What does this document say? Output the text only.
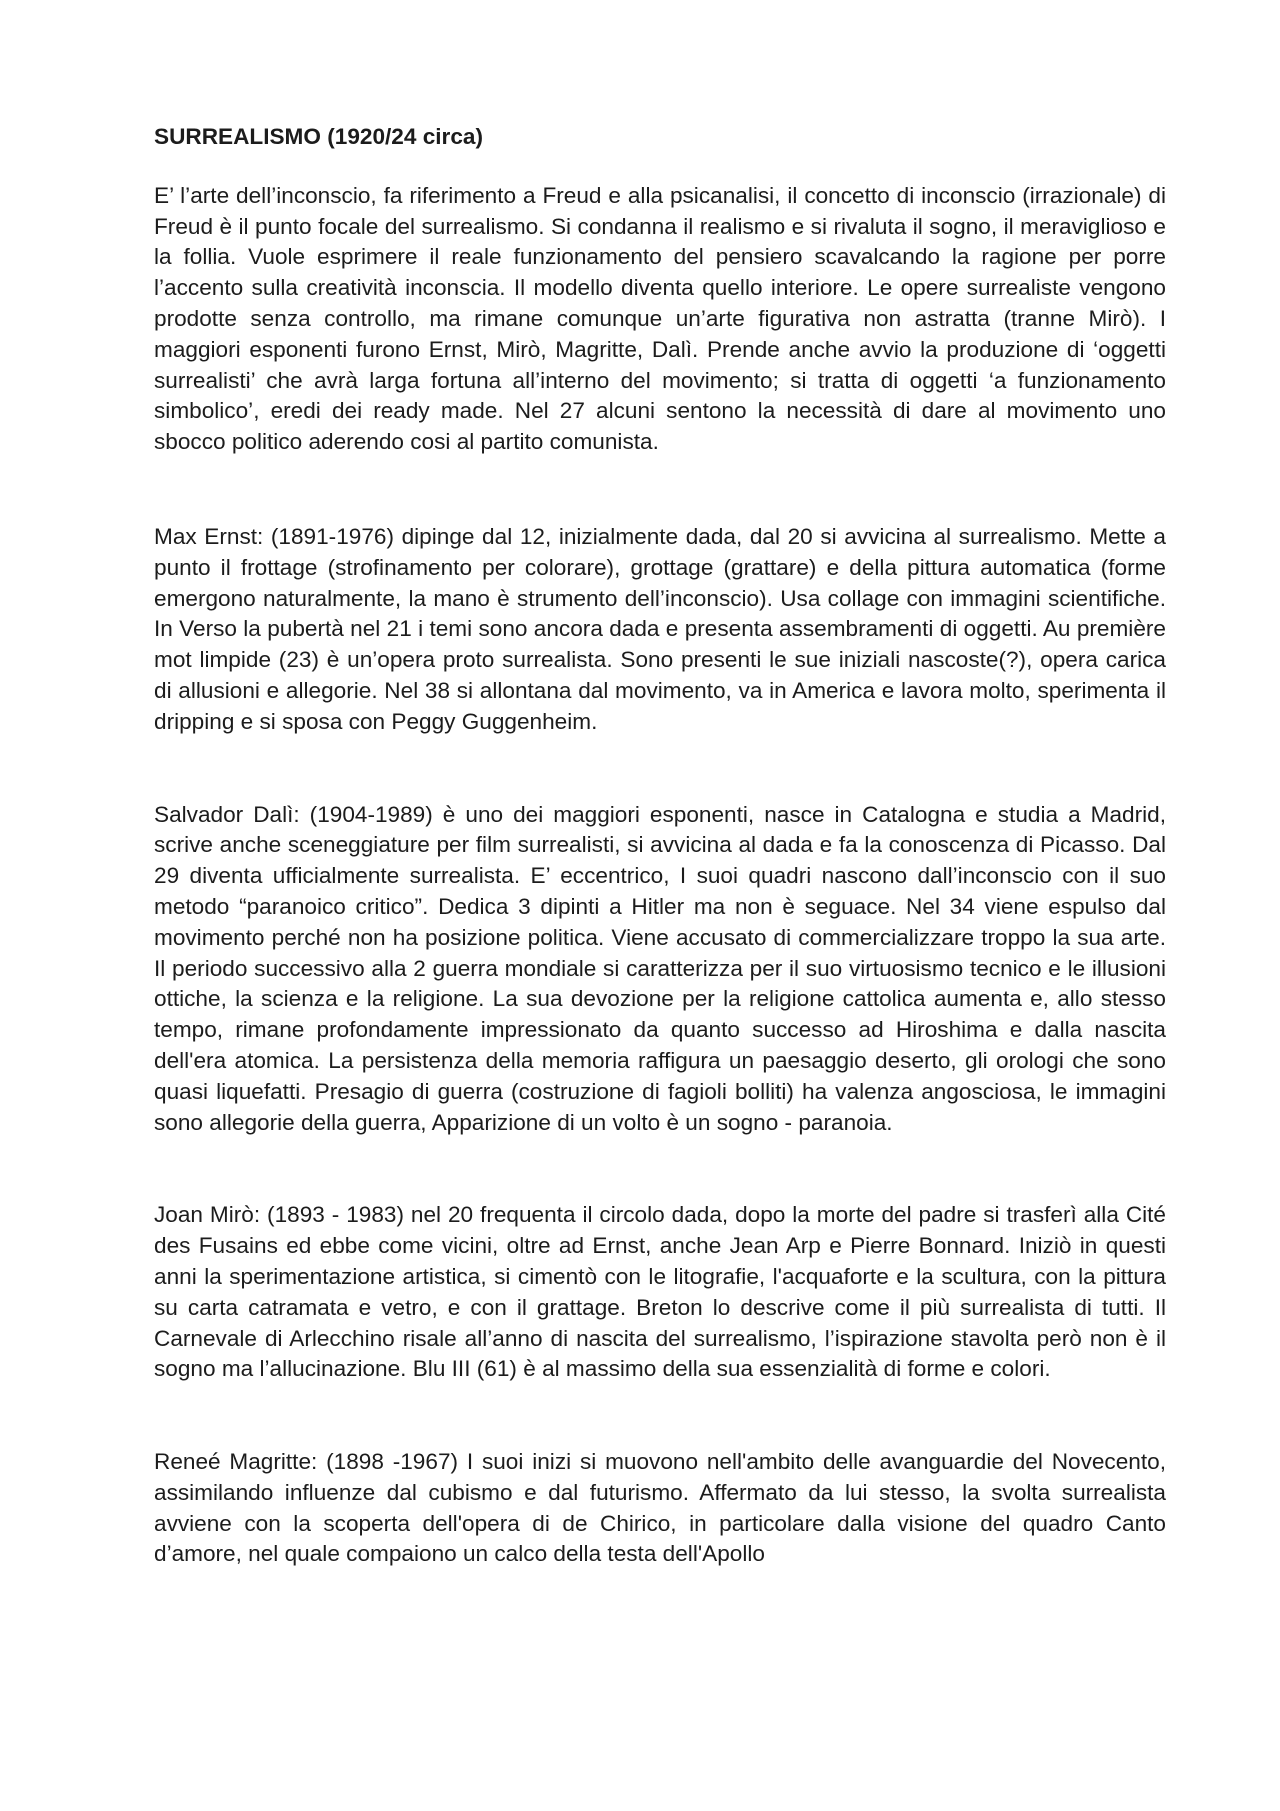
SURREALISMO (1920/24 circa)

E’ l’arte dell’inconscio, fa riferimento a Freud e alla psicanalisi, il concetto di inconscio (irrazionale) di Freud è il punto focale del surrealismo. Si condanna il realismo e si rivaluta il sogno, il meraviglioso e la follia. Vuole esprimere il reale funzionamento del pensiero scavalcando la ragione per porre l’accento sulla creatività inconscia. Il modello diventa quello interiore. Le opere surrealiste vengono prodotte senza controllo, ma rimane comunque un’arte figurativa non astratta (tranne Mirò). I maggiori esponenti furono Ernst, Mirò, Magritte, Dalì. Prende anche avvio la produzione di ‘oggetti surrealisti’ che avrà larga fortuna all’interno del movimento; si tratta di oggetti ‘a funzionamento simbolico’, eredi dei ready made. Nel 27 alcuni sentono la necessità di dare al movimento uno sbocco politico aderendo cosi al partito comunista.

Max Ernst: (1891-1976) dipinge dal 12, inizialmente dada, dal 20 si avvicina al surrealismo. Mette a punto il frottage (strofinamento per colorare), grottage (grattare) e della pittura automatica (forme emergono naturalmente, la mano è strumento dell’inconscio). Usa collage con immagini scientifiche. In Verso la pubertà nel 21 i temi sono ancora dada e presenta assembramenti di oggetti. Au première mot limpide (23) è un’opera proto surrealista. Sono presenti le sue iniziali nascoste(?), opera carica di allusioni e allegorie. Nel 38 si allontana dal movimento, va in America e lavora molto, sperimenta il dripping e si sposa con Peggy Guggenheim.

Salvador Dalì: (1904-1989) è uno dei maggiori esponenti, nasce in Catalogna e studia a Madrid, scrive anche sceneggiature per film surrealisti, si avvicina al dada e fa la conoscenza di Picasso. Dal 29 diventa ufficialmente surrealista. E’ eccentrico, I suoi quadri nascono dall’inconscio con il suo metodo “paranoico critico”. Dedica 3 dipinti a Hitler ma non è seguace. Nel 34 viene espulso dal movimento perché non ha posizione politica. Viene accusato di commercializzare troppo la sua arte. Il periodo successivo alla 2 guerra mondiale si caratterizza per il suo virtuosismo tecnico e le illusioni ottiche, la scienza e la religione. La sua devozione per la religione cattolica aumenta e, allo stesso tempo, rimane profondamente impressionato da quanto successo ad Hiroshima e dalla nascita dell'era atomica. La persistenza della memoria raffigura un paesaggio deserto, gli orologi che sono quasi liquefatti. Presagio di guerra (costruzione di fagioli bolliti) ha valenza angosciosa, le immagini sono allegorie della guerra, Apparizione di un volto è un sogno - paranoia.

Joan Mirò: (1893 - 1983) nel 20 frequenta il circolo dada, dopo la morte del padre si trasferì alla Cité des Fusains ed ebbe come vicini, oltre ad Ernst, anche Jean Arp e Pierre Bonnard. Iniziò in questi anni la sperimentazione artistica, si cimentò con le litografie, l'acquaforte e la scultura, con la pittura su carta catramata e vetro, e con il grattage. Breton lo descrive come il più surrealista di tutti. Il Carnevale di Arlecchino risale all’anno di nascita del surrealismo, l’ispirazione stavolta però non è il sogno ma l’allucinazione. Blu III (61) è al massimo della sua essenzialità di forme e colori.

Reneé Magritte: (1898 -1967) I suoi inizi si muovono nell'ambito delle avanguardie del Novecento, assimilando influenze dal cubismo e dal futurismo. Affermato da lui stesso, la svolta surrealista avviene con la scoperta dell'opera di de Chirico, in particolare dalla visione del quadro Canto d’amore, nel quale compaiono un calco della testa dell'Apollo
